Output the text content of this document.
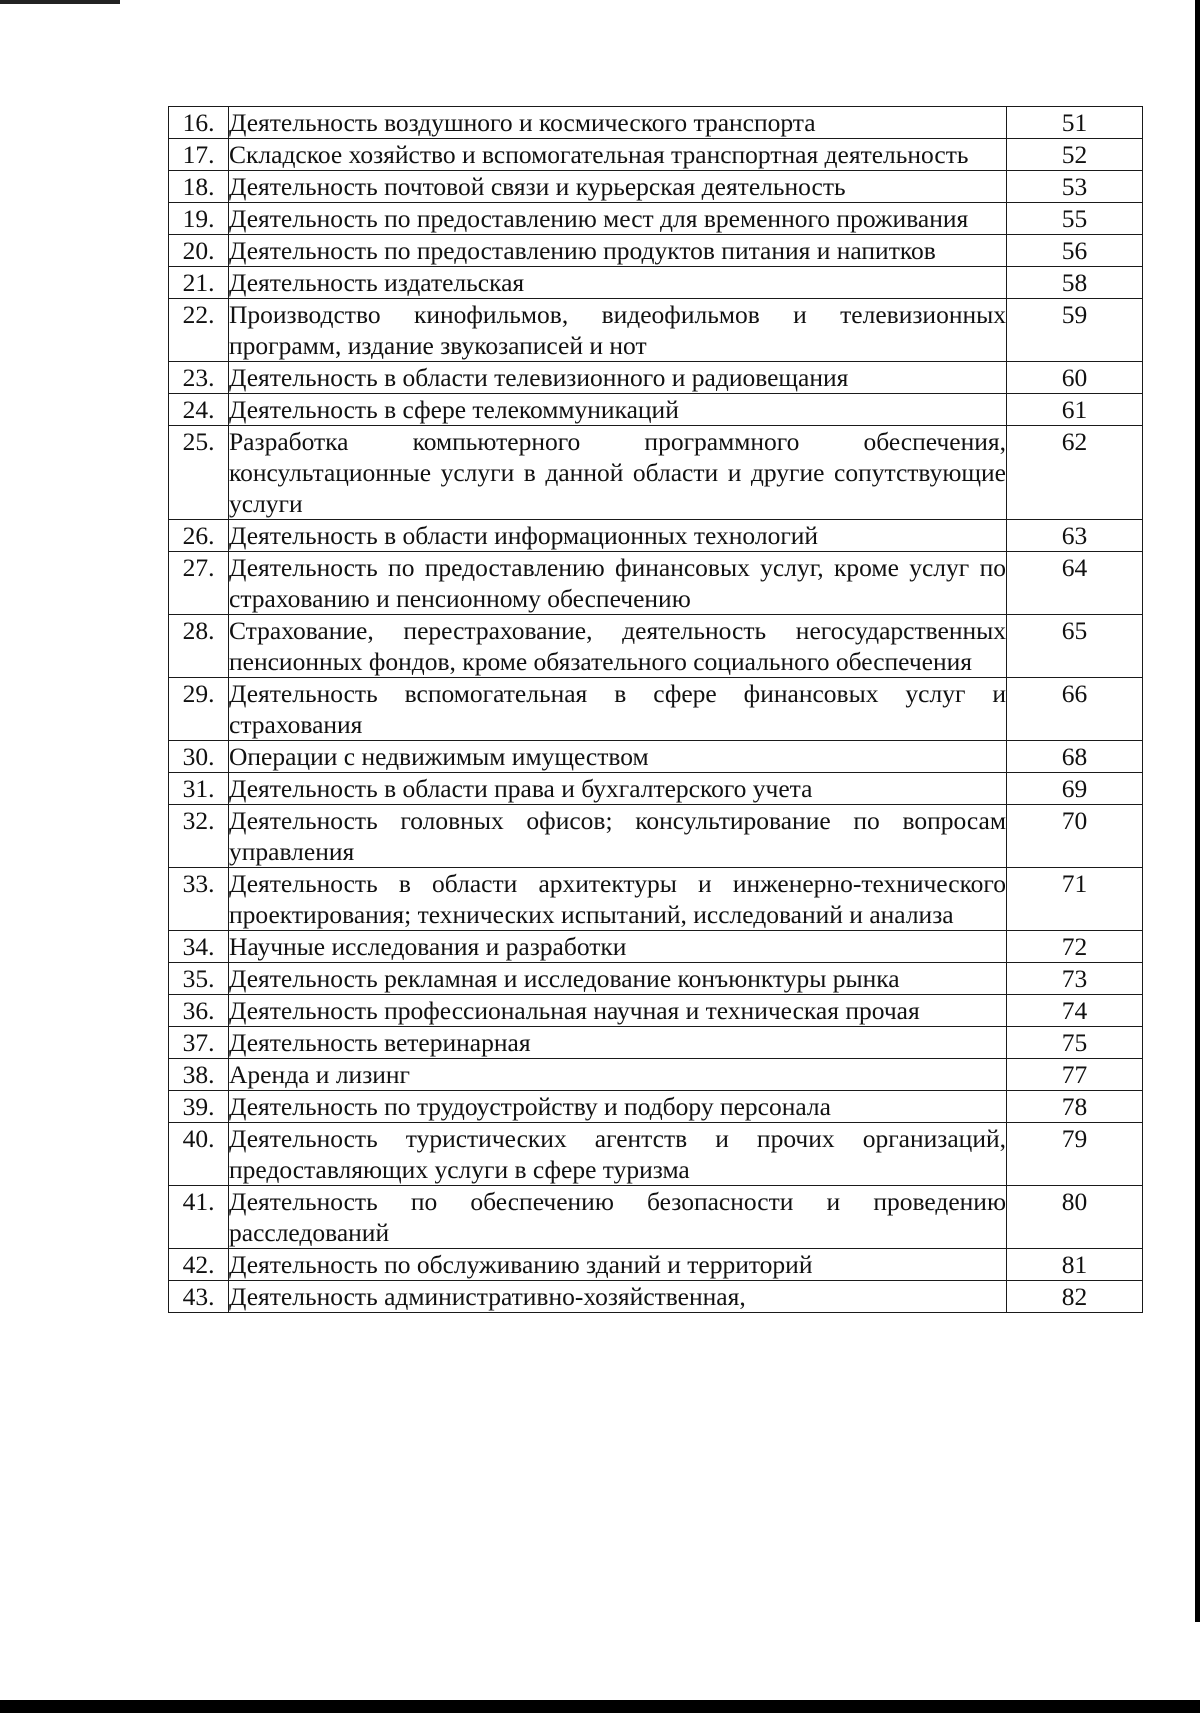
16.	Деятельность воздушного и космического транспорта	51
17.	Складское хозяйство и вспомогательная транспортная деятельность	52
18.	Деятельность почтовой связи и курьерская деятельность	53
19.	Деятельность по предоставлению мест для временного проживания	55
20.	Деятельность по предоставлению продуктов питания и напитков	56
21.	Деятельность издательская	58
22.	Производство кинофильмов, видеофильмов и телевизионных программ, издание звукозаписей и нот	59
23.	Деятельность в области телевизионного и радиовещания	60
24.	Деятельность в сфере телекоммуникаций	61
25.	Разработка компьютерного программного обеспечения, консультационные услуги в данной области и другие сопутствующие услуги	62
26.	Деятельность в области информационных технологий	63
27.	Деятельность по предоставлению финансовых услуг, кроме услуг по страхованию и пенсионному обеспечению	64
28.	Страхование, перестрахование, деятельность негосударственных пенсионных фондов, кроме обязательного социального обеспечения	65
29.	Деятельность вспомогательная в сфере финансовых услуг и страхования	66
30.	Операции с недвижимым имуществом	68
31.	Деятельность в области права и бухгалтерского учета	69
32.	Деятельность головных офисов; консультирование по вопросам управления	70
33.	Деятельность в области архитектуры и инженерно-технического проектирования; технических испытаний, исследований и анализа	71
34.	Научные исследования и разработки	72
35.	Деятельность рекламная и исследование конъюнктуры рынка	73
36.	Деятельность профессиональная научная и техническая прочая	74
37.	Деятельность ветеринарная	75
38.	Аренда и лизинг	77
39.	Деятельность по трудоустройству и подбору персонала	78
40.	Деятельность туристических агентств и прочих организаций, предоставляющих услуги в сфере туризма	79
41.	Деятельность по обеспечению безопасности и проведению расследований	80
42.	Деятельность по обслуживанию зданий и территорий	81
43.	Деятельность административно-хозяйственная,	82
